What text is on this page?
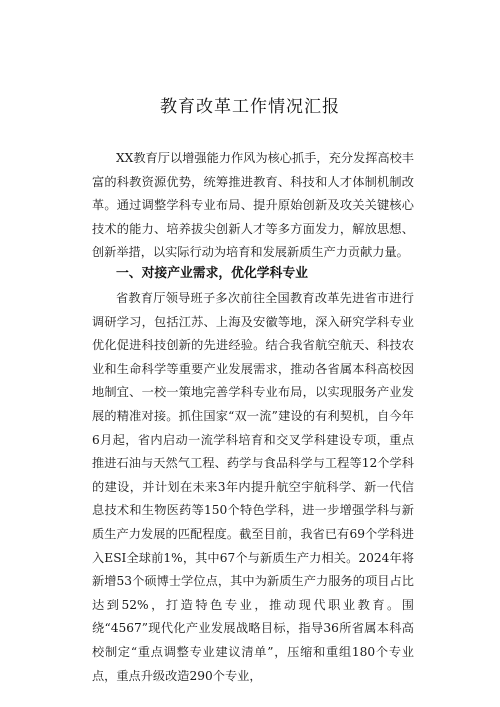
教育改革工作情况汇报

XX教育厅以增强能力作风为核心抓手，充分发挥高校丰富的科教资源优势，统筹推进教育、科技和人才体制机制改革。通过调整学科专业布局、提升原始创新及攻关关键核心技术的能力、培养拔尖创新人才等多方面发力，解放思想、创新举措，以实际行动为培育和发展新质生产力贡献力量。

一、对接产业需求，优化学科专业

省教育厅领导班子多次前往全国教育改革先进省市进行调研学习，包括江苏、上海及安徽等地，深入研究学科专业优化促进科技创新的先进经验。结合我省航空航天、科技农业和生命科学等重要产业发展需求，推动各省属本科高校因地制宜、一校一策地完善学科专业布局，以实现服务产业发展的精准对接。抓住国家“双一流”建设的有利契机，自今年6月起，省内启动一流学科培育和交叉学科建设专项，重点推进石油与天然气工程、药学与食品科学与工程等12个学科的建设，并计划在未来3年内提升航空宇航科学、新一代信息技术和生物医药等150个特色学科，进一步增强学科与新质生产力发展的匹配程度。截至目前，我省已有69个学科进入ESI全球前1%，其中67个与新质生产力相关。2024年将新增53个硕博士学位点，其中为新质生产力服务的项目占比达到52%，打造特色专业，推动现代职业教育。围绕“4567”现代化产业发展战略目标，指导36所省属本科高校制定“重点调整专业建议清单”，压缩和重组180个专业点，重点升级改造290个专业，
